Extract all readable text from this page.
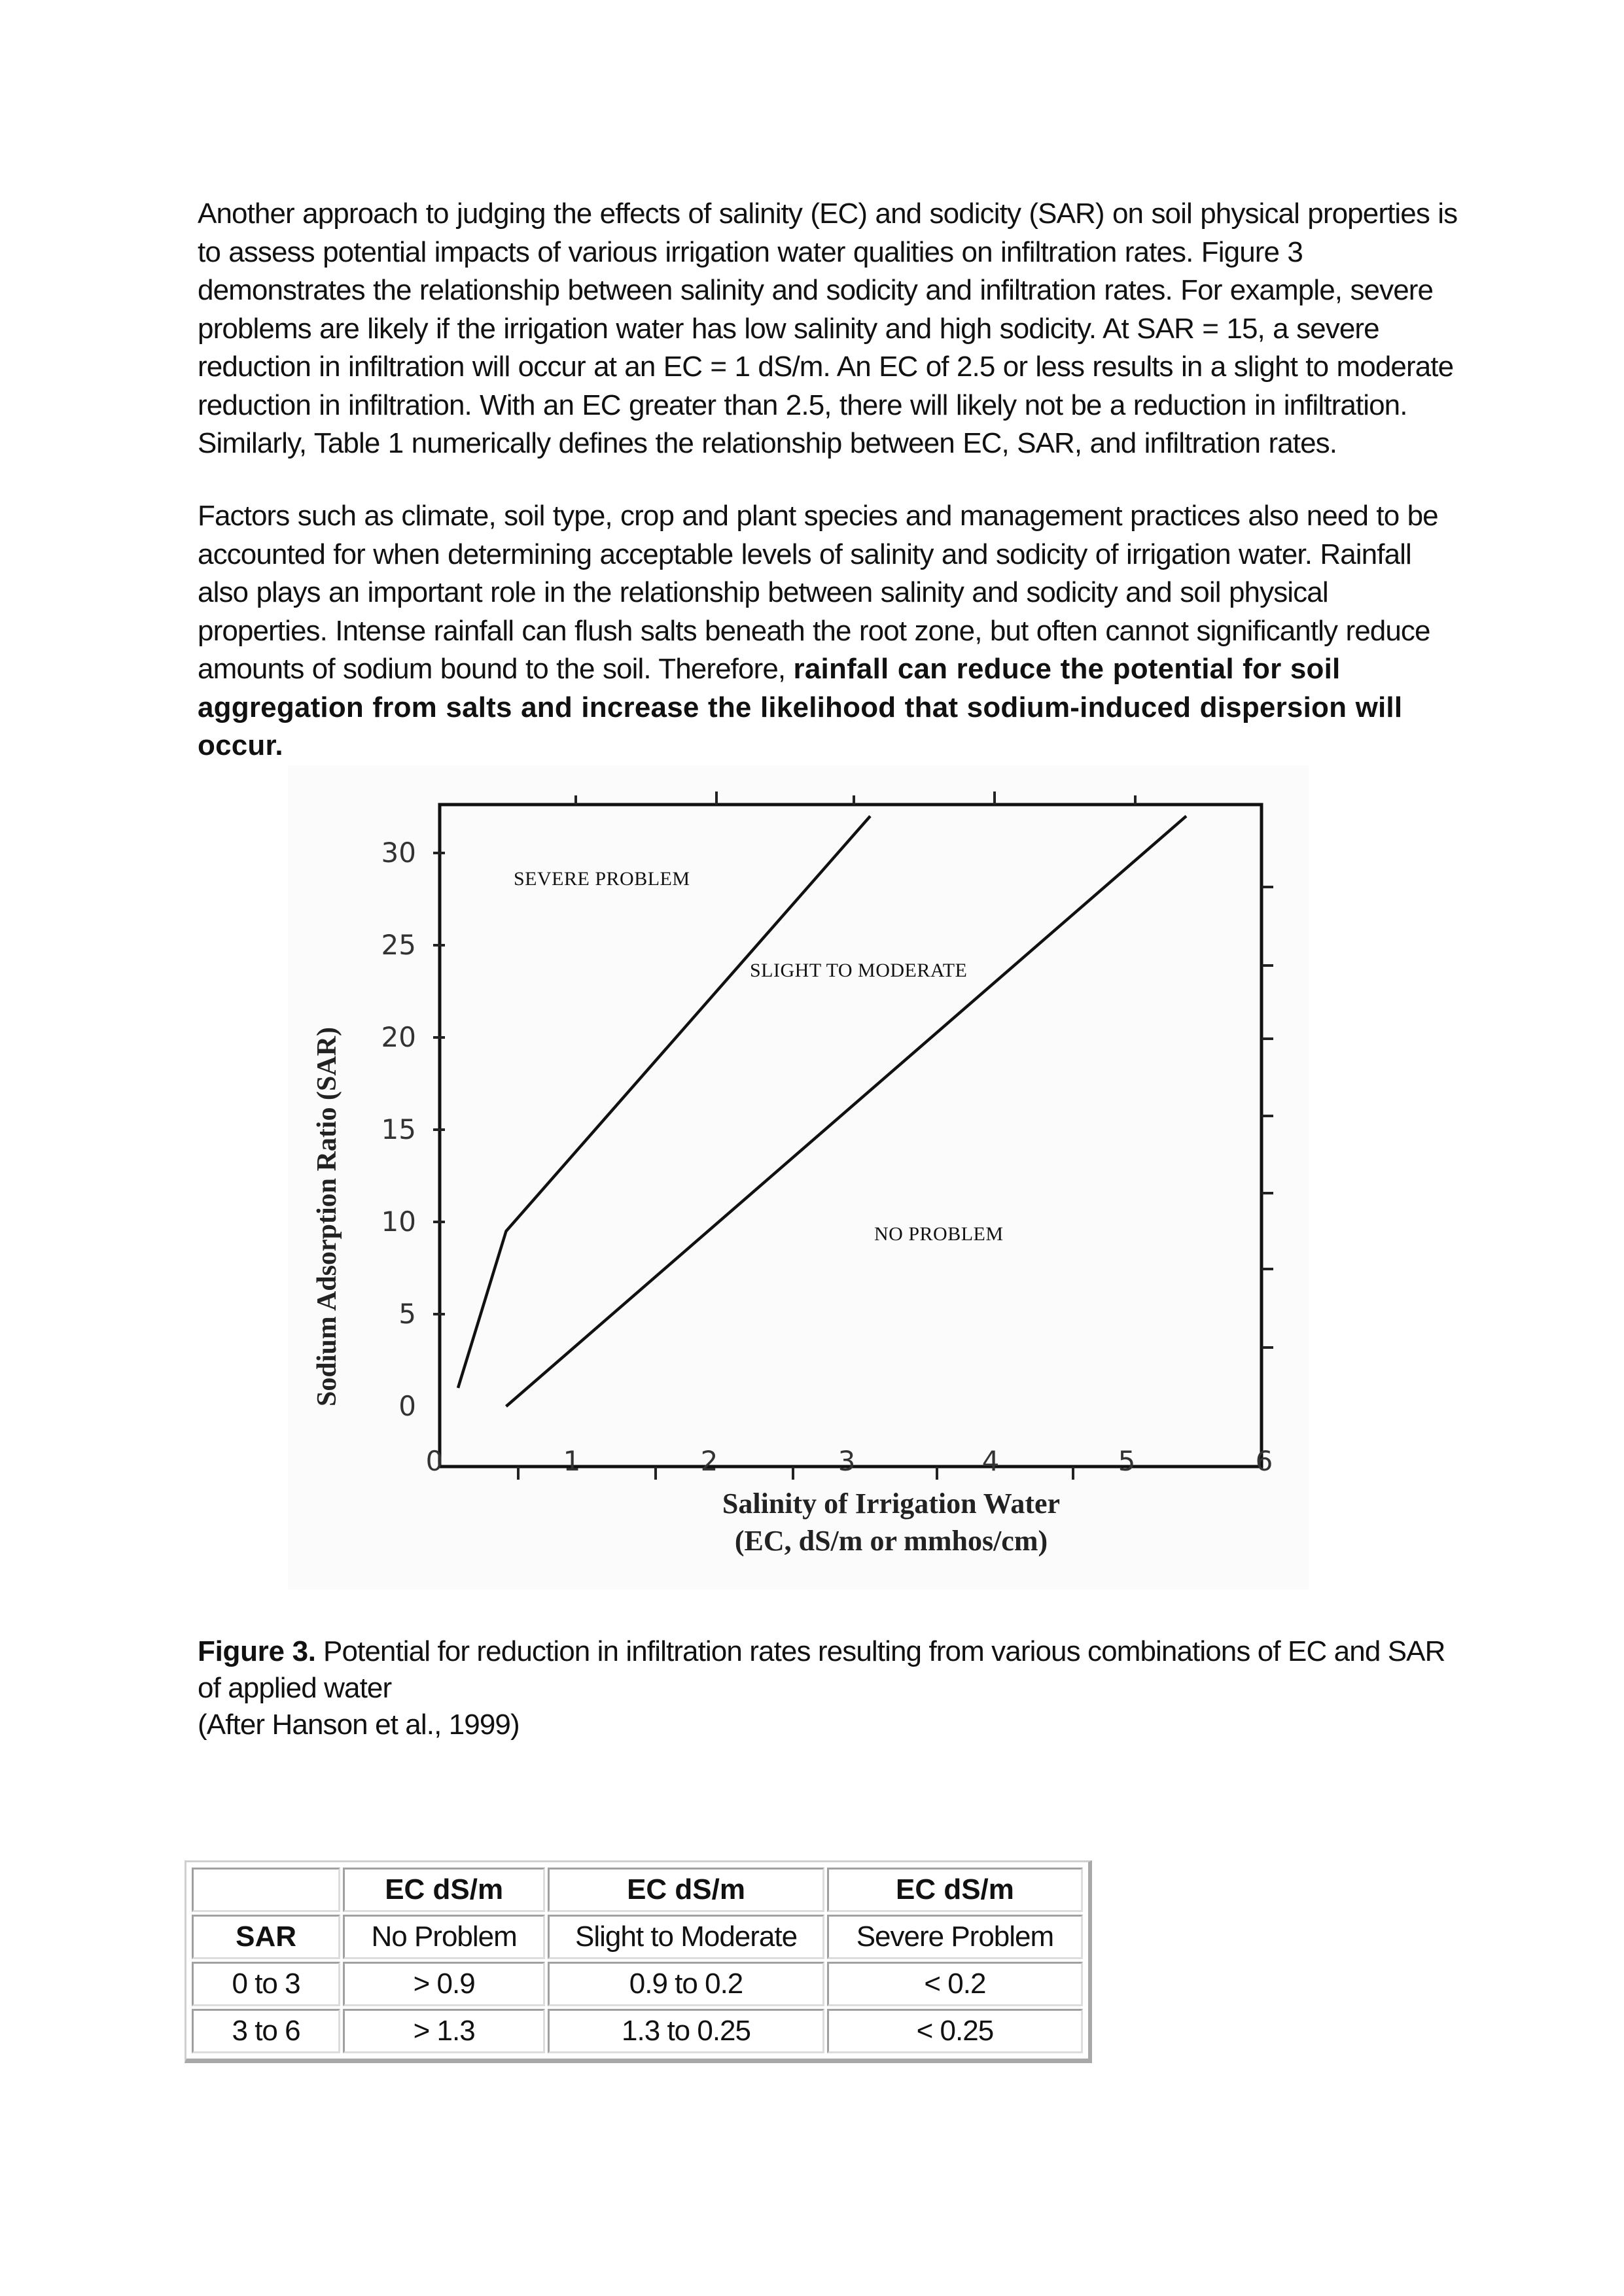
Another approach to judging the effects of salinity (EC) and sodicity (SAR) on soil physical properties is to assess potential impacts of various irrigation water qualities on infiltration rates. Figure 3 demonstrates the relationship between salinity and sodicity and infiltration rates. For example, severe problems are likely if the irrigation water has low salinity and high sodicity. At SAR = 15, a severe reduction in infiltration will occur at an EC = 1 dS/m. An EC of 2.5 or less results in a slight to moderate reduction in infiltration. With an EC greater than 2.5, there will likely not be a reduction in infiltration. Similarly, Table 1 numerically defines the relationship between EC, SAR, and infiltration rates.

Factors such as climate, soil type, crop and plant species and management practices also need to be accounted for when determining acceptable levels of salinity and sodicity of irrigation water. Rainfall also plays an important role in the relationship between salinity and sodicity and soil physical properties. Intense rainfall can flush salts beneath the root zone, but often cannot significantly reduce amounts of sodium bound to the soil. Therefore, rainfall can reduce the potential for soil aggregation from salts and increase the likelihood that sodium-induced dispersion will occur.

0
5
10
15
20
25
30
0	1	2	3	4	5	6
SEVERE PROBLEM
SLIGHT TO MODERATE
NO PROBLEM
Sodium Adsorption Ratio (SAR)
Salinity of Irrigation Water
(EC, dS/m or mmhos/cm)

Figure 3. Potential for reduction in infiltration rates resulting from various combinations of EC and SAR of applied water
(After Hanson et al., 1999)

	EC dS/m	EC dS/m	EC dS/m
SAR	No Problem	Slight to Moderate	Severe Problem
0 to 3	> 0.9	0.9 to 0.2	< 0.2
3 to 6	> 1.3	1.3 to 0.25	< 0.25
